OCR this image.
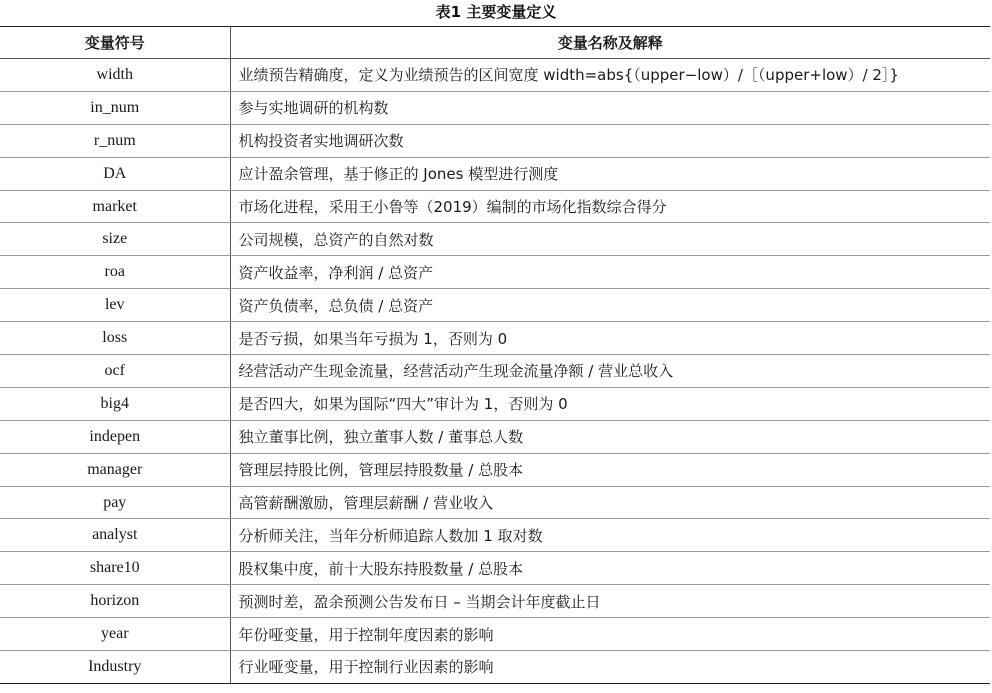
表1 主要变量定义
变量符号	变量名称及解释
width	业绩预告精确度，定义为业绩预告的区间宽度 width=abs{（upper−low）/［（upper+low）/ 2］}
in_num	参与实地调研的机构数
r_num	机构投资者实地调研次数
DA	应计盈余管理，基于修正的 Jones 模型进行测度
market	市场化进程，采用王小鲁等（2019）编制的市场化指数综合得分
size	公司规模，总资产的自然对数
roa	资产收益率，净利润 / 总资产
lev	资产负债率，总负债 / 总资产
loss	是否亏损，如果当年亏损为 1，否则为 0
ocf	经营活动产生现金流量，经营活动产生现金流量净额 / 营业总收入
big4	是否四大，如果为国际“四大”审计为 1，否则为 0
indepen	独立董事比例，独立董事人数 / 董事总人数
manager	管理层持股比例，管理层持股数量 / 总股本
pay	高管薪酬激励，管理层薪酬 / 营业收入
analyst	分析师关注，当年分析师追踪人数加 1 取对数
share10	股权集中度，前十大股东持股数量 / 总股本
horizon	预测时差，盈余预测公告发布日 – 当期会计年度截止日
year	年份哑变量，用于控制年度因素的影响
Industry	行业哑变量，用于控制行业因素的影响
